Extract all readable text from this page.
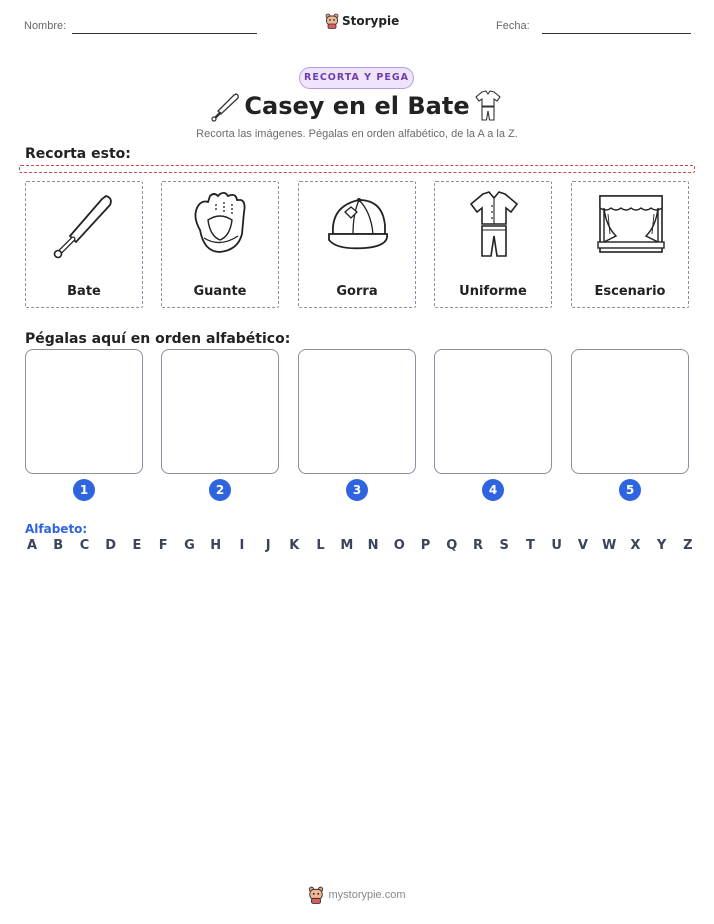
Nombre:	Storypie	Fecha:
RECORTA Y PEGA
Casey en el Bate
Recorta las imágenes. Pégalas en orden alfabético, de la A a la Z.
Recorta esto:
Bate	Guante	Gorra	Uniforme	Escenario
Pégalas aquí en orden alfabético:
1	2	3	4	5
Alfabeto:
A B C D E F G H	I	J	K L M N O P Q R S T U V W X Y Z
mystorypie.com
